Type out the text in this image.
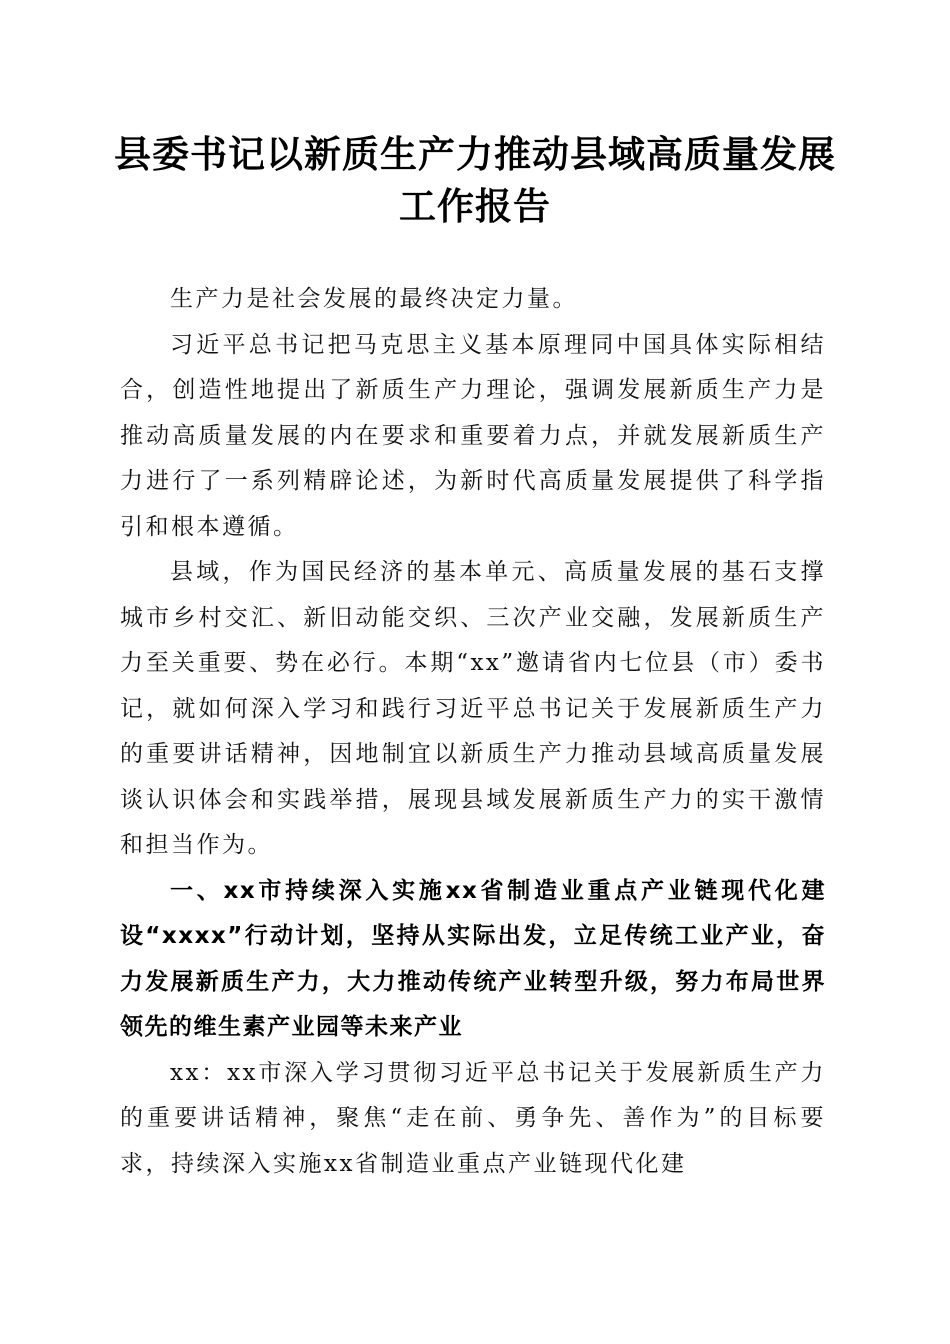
县委书记以新质生产力推动县域高质量发展工作报告

生产力是社会发展的最终决定力量。

习近平总书记把马克思主义基本原理同中国具体实际相结合，创造性地提出了新质生产力理论，强调发展新质生产力是推动高质量发展的内在要求和重要着力点，并就发展新质生产力进行了一系列精辟论述，为新时代高质量发展提供了科学指引和根本遵循。

县域，作为国民经济的基本单元、高质量发展的基石支撑城市乡村交汇、新旧动能交织、三次产业交融，发展新质生产力至关重要、势在必行。本期“xx”邀请省内七位县（市）委书记，就如何深入学习和践行习近平总书记关于发展新质生产力的重要讲话精神，因地制宜以新质生产力推动县域高质量发展谈认识体会和实践举措，展现县域发展新质生产力的实干激情和担当作为。

一、xx市持续深入实施xx省制造业重点产业链现代化建设“xxxx”行动计划，坚持从实际出发，立足传统工业产业，奋力发展新质生产力，大力推动传统产业转型升级，努力布局世界领先的维生素产业园等未来产业

xx：xx市深入学习贯彻习近平总书记关于发展新质生产力的重要讲话精神，聚焦“走在前、勇争先、善作为”的目标要求，持续深入实施xx省制造业重点产业链现代化建
